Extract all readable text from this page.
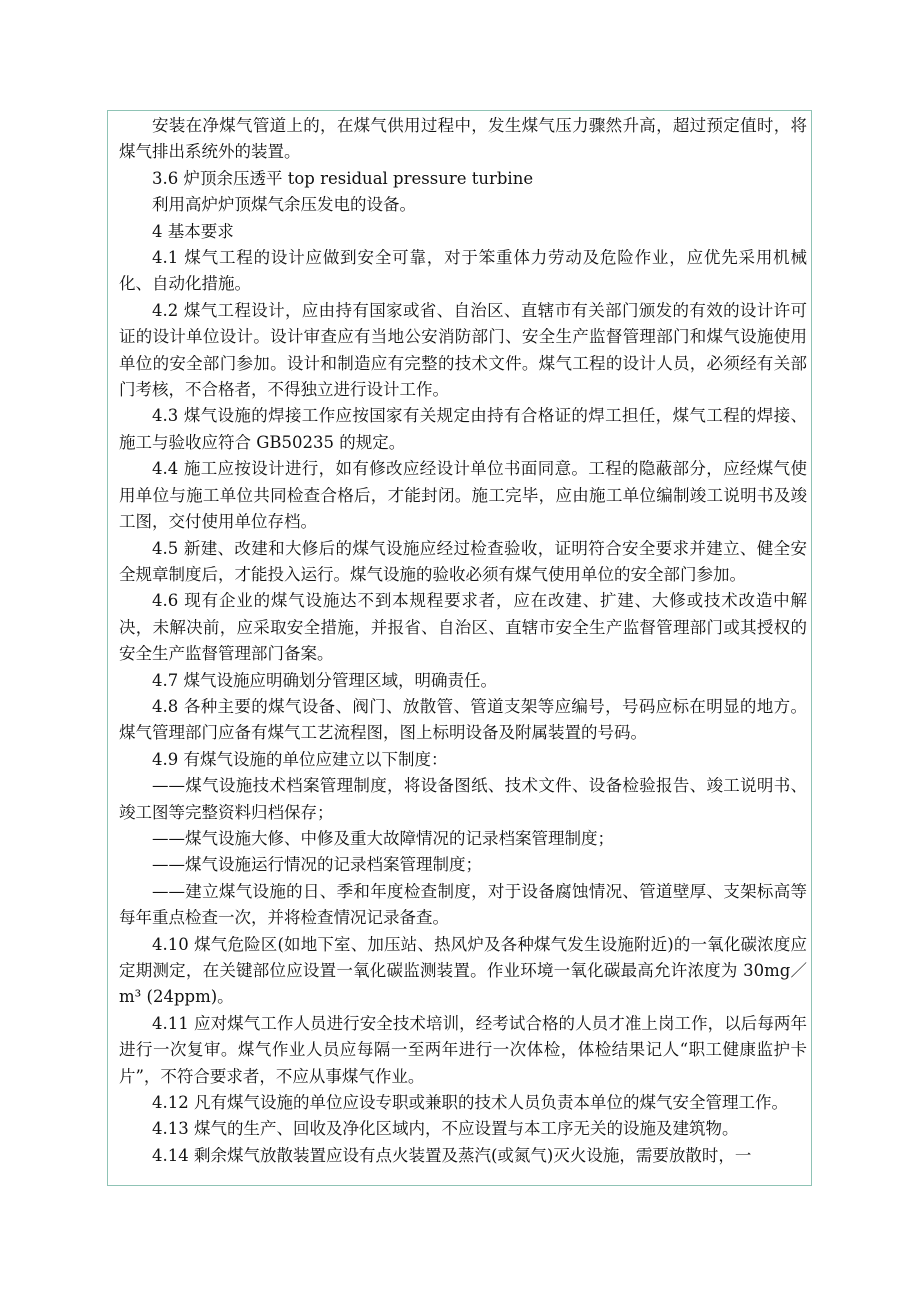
安装在净煤气管道上的，在煤气供用过程中，发生煤气压力骤然升高，超过预定值时，将煤气排出系统外的装置。

3.6 炉顶余压透平 top residual pressure turbine

利用高炉炉顶煤气余压发电的设备。

4 基本要求

4.1 煤气工程的设计应做到安全可靠，对于笨重体力劳动及危险作业，应优先采用机械化、自动化措施。

4.2 煤气工程设计，应由持有国家或省、自治区、直辖市有关部门颁发的有效的设计许可证的设计单位设计。设计审查应有当地公安消防部门、安全生产监督管理部门和煤气设施使用单位的安全部门参加。设计和制造应有完整的技术文件。煤气工程的设计人员，必须经有关部门考核，不合格者，不得独立进行设计工作。

4.3 煤气设施的焊接工作应按国家有关规定由持有合格证的焊工担任，煤气工程的焊接、施工与验收应符合 GB50235 的规定。

4.4 施工应按设计进行，如有修改应经设计单位书面同意。工程的隐蔽部分，应经煤气使用单位与施工单位共同检查合格后，才能封闭。施工完毕，应由施工单位编制竣工说明书及竣工图，交付使用单位存档。

4.5 新建、改建和大修后的煤气设施应经过检查验收，证明符合安全要求并建立、健全安全规章制度后，才能投入运行。煤气设施的验收必须有煤气使用单位的安全部门参加。

4.6 现有企业的煤气设施达不到本规程要求者，应在改建、扩建、大修或技术改造中解决，未解决前，应采取安全措施，并报省、自治区、直辖市安全生产监督管理部门或其授权的安全生产监督管理部门备案。

4.7 煤气设施应明确划分管理区域，明确责任。

4.8 各种主要的煤气设备、阀门、放散管、管道支架等应编号，号码应标在明显的地方。煤气管理部门应备有煤气工艺流程图，图上标明设备及附属装置的号码。

4.9 有煤气设施的单位应建立以下制度：

——煤气设施技术档案管理制度，将设备图纸、技术文件、设备检验报告、竣工说明书、竣工图等完整资料归档保存；

——煤气设施大修、中修及重大故障情况的记录档案管理制度；

——煤气设施运行情况的记录档案管理制度；

——建立煤气设施的日、季和年度检查制度，对于设备腐蚀情况、管道壁厚、支架标高等每年重点检查一次，并将检查情况记录备查。

4.10 煤气危险区(如地下室、加压站、热风炉及各种煤气发生设施附近)的一氧化碳浓度应定期测定，在关键部位应设置一氧化碳监测装置。作业环境一氧化碳最高允许浓度为 30mg／m³ (24ppm)。

4.11 应对煤气工作人员进行安全技术培训，经考试合格的人员才准上岗工作，以后每两年进行一次复审。煤气作业人员应每隔一至两年进行一次体检，体检结果记人“职工健康监护卡片”，不符合要求者，不应从事煤气作业。

4.12 凡有煤气设施的单位应设专职或兼职的技术人员负责本单位的煤气安全管理工作。

4.13 煤气的生产、回收及净化区域内，不应设置与本工序无关的设施及建筑物。

4.14 剩余煤气放散装置应设有点火装置及蒸汽(或氮气)灭火设施，需要放散时，一
